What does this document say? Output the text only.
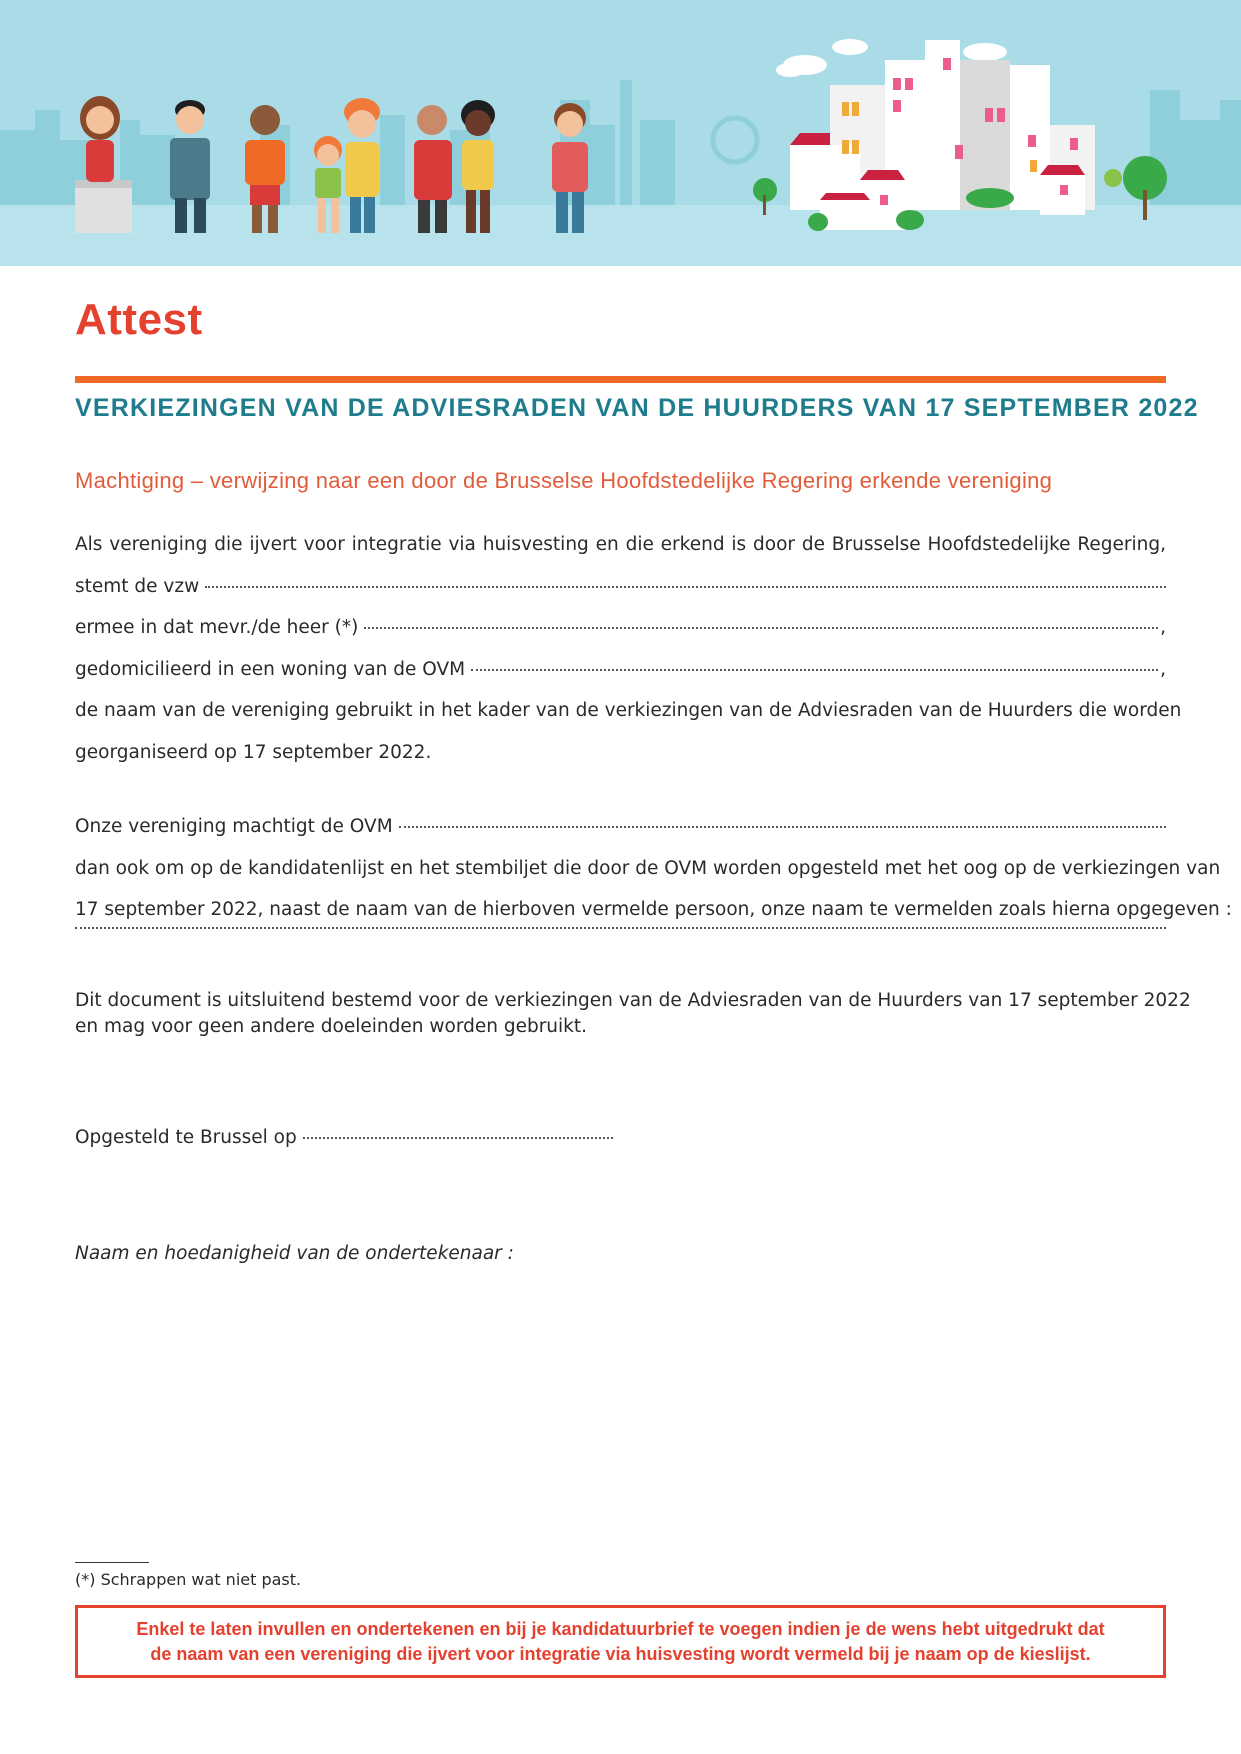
Attest
VERKIEZINGEN VAN DE ADVIESRADEN VAN DE HUURDERS VAN 17 SEPTEMBER 2022
Machtiging – verwijzing naar een door de Brusselse Hoofdstedelijke Regering erkende vereniging
Als vereniging die ijvert voor integratie via huisvesting en die erkend is door de Brusselse Hoofdstedelijke Regering,
stemt de vzw
ermee in dat mevr./de heer (*)	,
gedomicilieerd in een woning van de OVM	,
de naam van de vereniging gebruikt in het kader van de verkiezingen van de Adviesraden van de Huurders die worden
georganiseerd op 17 september 2022.
Onze vereniging machtigt de OVM
dan ook om op de kandidatenlijst en het stembiljet die door de OVM worden opgesteld met het oog op de verkiezingen van
17 september 2022, naast de naam van de hierboven vermelde persoon, onze naam te vermelden zoals hierna opgegeven :
Dit document is uitsluitend bestemd voor de verkiezingen van de Adviesraden van de Huurders van 17 september 2022
en mag voor geen andere doeleinden worden gebruikt.
Opgesteld te Brussel op
Naam en hoedanigheid van de ondertekenaar :
(*) Schrappen wat niet past.
Enkel te laten invullen en ondertekenen en bij je kandidatuurbrief te voegen indien je de wens hebt uitgedrukt dat
de naam van een vereniging die ijvert voor integratie via huisvesting wordt vermeld bij je naam op de kieslijst.
